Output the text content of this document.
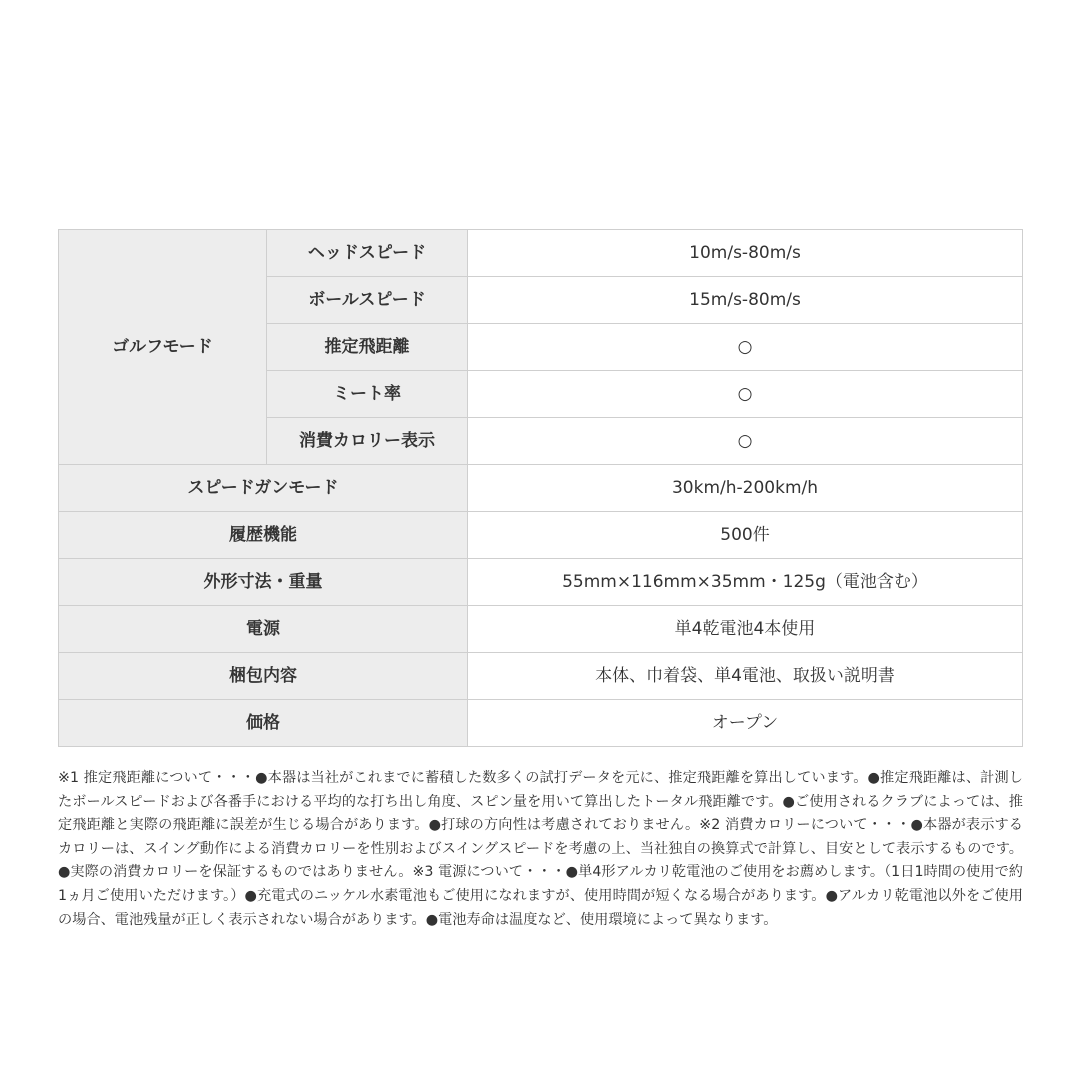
ゴルフモード	ヘッドスピード	10m/s-80m/s
	ボールスピード	15m/s-80m/s
	推定飛距離	○
	ミート率	○
	消費カロリー表示	○
スピードガンモード		30km/h-200km/h
履歴機能		500件
外形寸法・重量		55mm×116mm×35mm・125g（電池含む）
電源		単4乾電池4本使用
梱包内容		本体、巾着袋、単4電池、取扱い説明書
価格		オープン

※1 推定飛距離について・・・●本器は当社がこれまでに蓄積した数多くの試打データを元に、推定飛距離を算出しています。●推定飛距離は、計測したボールスピードおよび各番手における平均的な打ち出し角度、スピン量を用いて算出したトータル飛距離です。●ご使用されるクラブによっては、推定飛距離と実際の飛距離に誤差が生じる場合があります。●打球の方向性は考慮されておりません。※2 消費カロリーについて・・・●本器が表示するカロリーは、スイング動作による消費カロリーを性別およびスイングスピードを考慮の上、当社独自の換算式で計算し、目安として表示するものです。●実際の消費カロリーを保証するものではありません。※3 電源について・・・●単4形アルカリ乾電池のご使用をお薦めします。（1日1時間の使用で約1ヵ月ご使用いただけます。）●充電式のニッケル水素電池もご使用になれますが、使用時間が短くなる場合があります。●アルカリ乾電池以外をご使用の場合、電池残量が正しく表示されない場合があります。●電池寿命は温度など、使用環境によって異なります。
